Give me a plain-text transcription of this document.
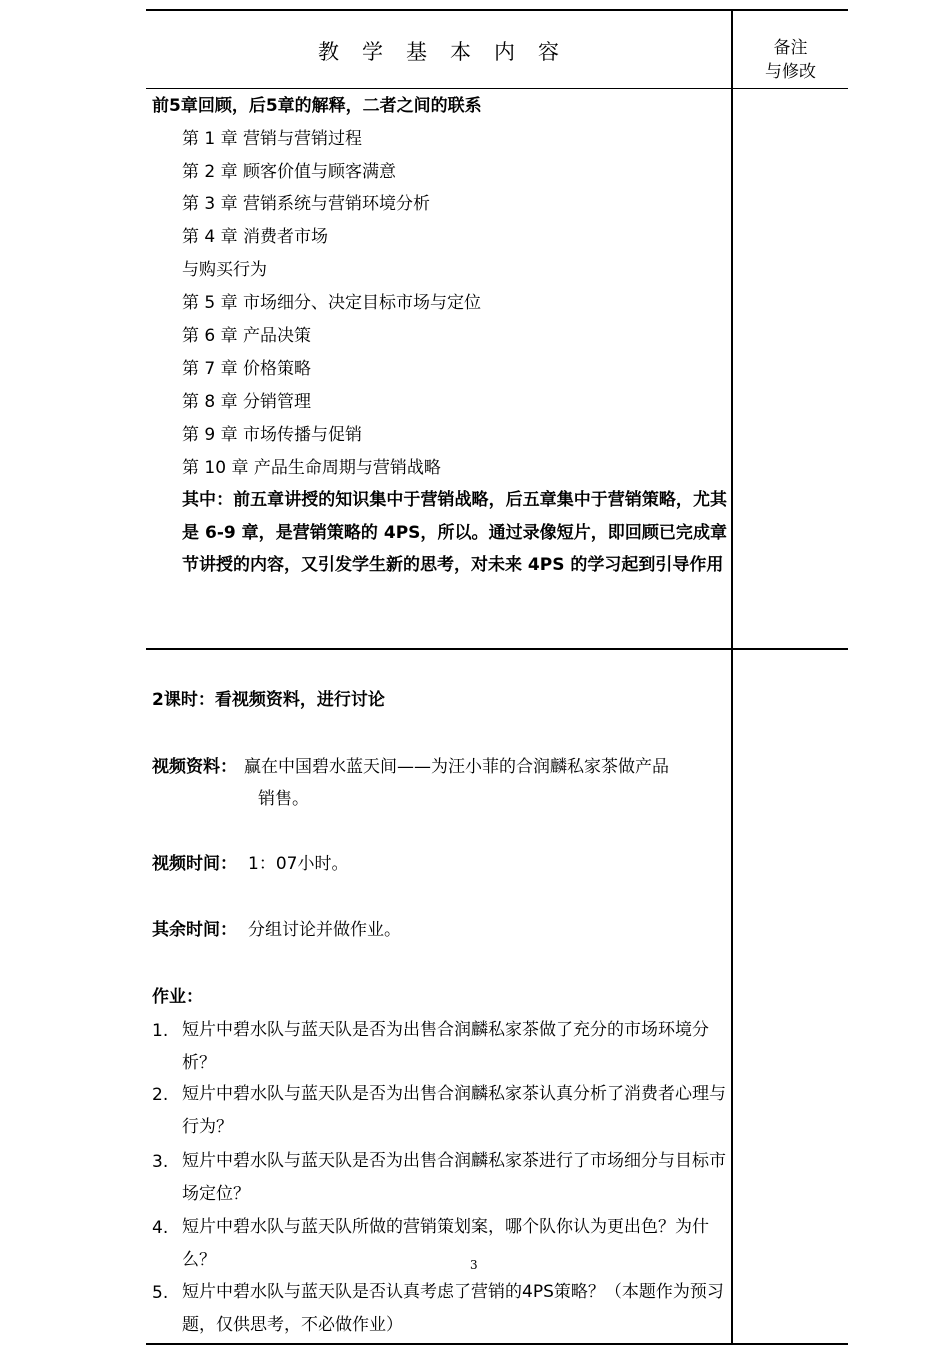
教学基本内容	备注
与修改
前5章回顾，后5章的解释，二者之间的联系
第 1 章 营销与营销过程
第 2 章 顾客价值与顾客满意
第 3 章 营销系统与营销环境分析
第 4 章 消费者市场
与购买行为
第 5 章 市场细分、决定目标市场与定位
第 6 章 产品决策
第 7 章 价格策略
第 8 章 分销管理
第 9 章 市场传播与促销
第 10 章 产品生命周期与营销战略
其中：前五章讲授的知识集中于营销战略，后五章集中于营销策略，尤其是 6-9 章，是营销策略的 4PS，所以。通过录像短片，即回顾已完成章节讲授的内容，又引发学生新的思考，对未来 4PS 的学习起到引导作用
2课时：看视频资料，进行讨论
视频资料： 赢在中国碧水蓝天间——为汪小菲的合润麟私家茶做产品
销售。
视频时间： 1：07小时。
其余时间： 分组讨论并做作业。
作业：
1. 短片中碧水队与蓝天队是否为出售合润麟私家茶做了充分的市场环境分析？
2. 短片中碧水队与蓝天队是否为出售合润麟私家茶认真分析了消费者心理与行为？
3. 短片中碧水队与蓝天队是否为出售合润麟私家茶进行了市场细分与目标市场定位？
4. 短片中碧水队与蓝天队所做的营销策划案，哪个队你认为更出色？为什么？
5. 短片中碧水队与蓝天队是否认真考虑了营销的4PS策略？（本题作为预习题，仅供思考，不必做作业）
3
